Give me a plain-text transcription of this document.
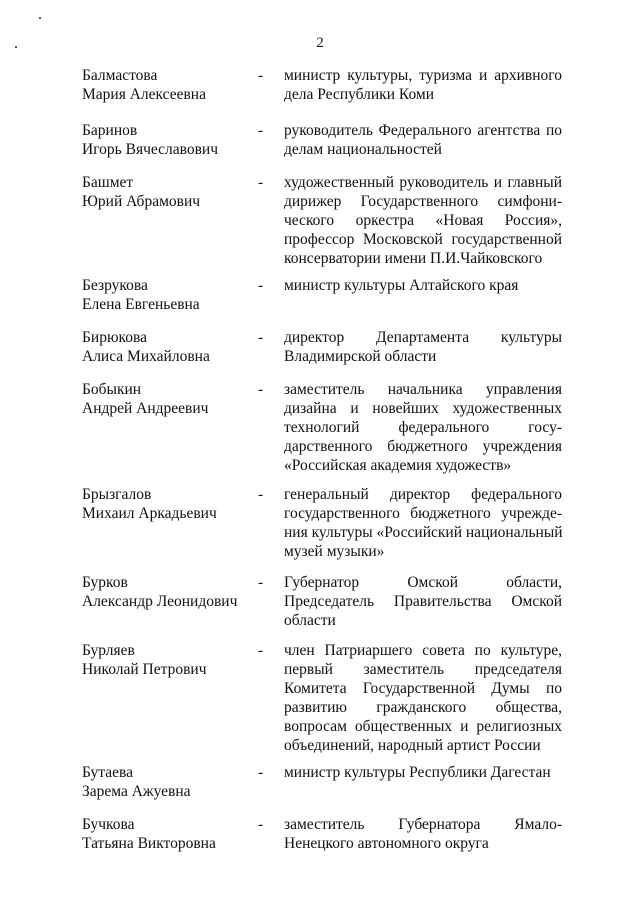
2
Балмастова
Мария Алексеевна
- министр культуры, туризма и архивного
дела Республики Коми
Баринов
Игорь Вячеславович
- руководитель Федерального агентства по
делам национальностей
Башмет
Юрий Абрамович
- художественный руководитель и главный
дирижер Государственного симфони-
ческого оркестра «Новая Россия»,
профессор Московской государственной
консерватории имени П.И.Чайковского
Безрукова
Елена Евгеньевна
- министр культуры Алтайского края
Бирюкова
Алиса Михайловна
- директор Департамента культуры
Владимирской области
Бобыкин
Андрей Андреевич
- заместитель начальника управления
дизайна и новейших художественных
технологий федерального госу-
дарственного бюджетного учреждения
«Российская академия художеств»
Брызгалов
Михаил Аркадьевич
- генеральный директор федерального
государственного бюджетного учрежде-
ния культуры «Российский национальный
музей музыки»
Бурков
Александр Леонидович
- Губернатор Омской области,
Председатель Правительства Омской
области
Бурляев
Николай Петрович
- член Патриаршего совета по культуре,
первый заместитель председателя
Комитета Государственной Думы по
развитию гражданского общества,
вопросам общественных и религиозных
объединений, народный артист России
Бутаева
Зарема Ажуевна
- министр культуры Республики Дагестан
Бучкова
Татьяна Викторовна
- заместитель Губернатора Ямало-
Ненецкого автономного округа
